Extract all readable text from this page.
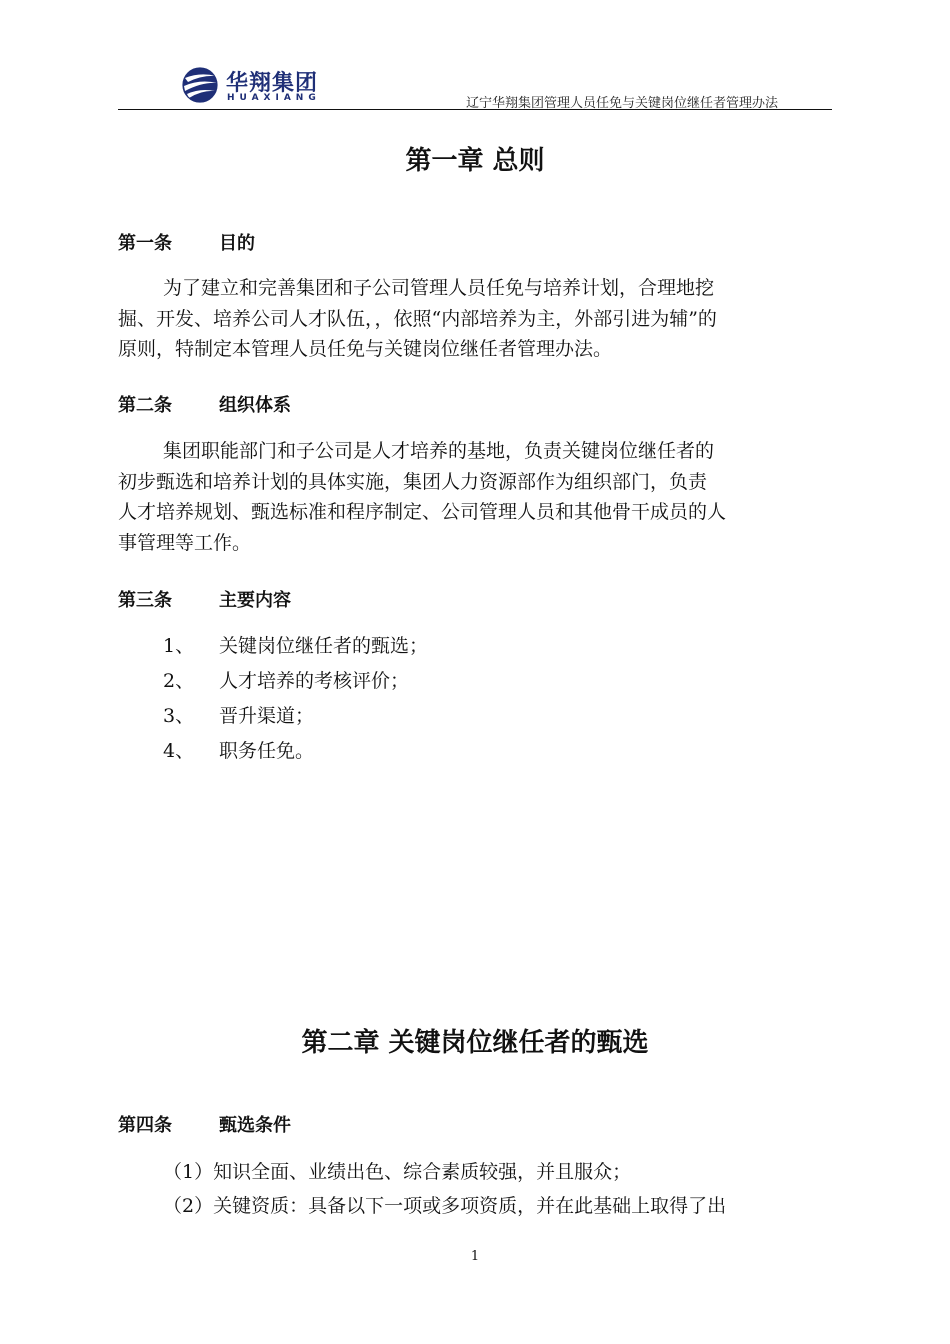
华翔集团
HUAXIANG	辽宁华翔集团管理人员任免与关键岗位继任者管理办法
第一章 总则
第一条	目的
为了建立和完善集团和子公司管理人员任免与培养计划，合理地挖
掘、开发、培养公司人才队伍，，依照“内部培养为主，外部引进为辅”的
原则，特制定本管理人员任免与关键岗位继任者管理办法。
第二条	组织体系
集团职能部门和子公司是人才培养的基地，负责关键岗位继任者的
初步甄选和培养计划的具体实施，集团人力资源部作为组织部门，负责
人才培养规划、甄选标准和程序制定、公司管理人员和其他骨干成员的人
事管理等工作。
第三条	主要内容
1、 关键岗位继任者的甄选；
2、 人才培养的考核评价；
3、 晋升渠道；
4、 职务任免。
第二章 关键岗位继任者的甄选
第四条	甄选条件
（1）知识全面、业绩出色、综合素质较强，并且服众；
（2）关键资质：具备以下一项或多项资质，并在此基础上取得了出
1
